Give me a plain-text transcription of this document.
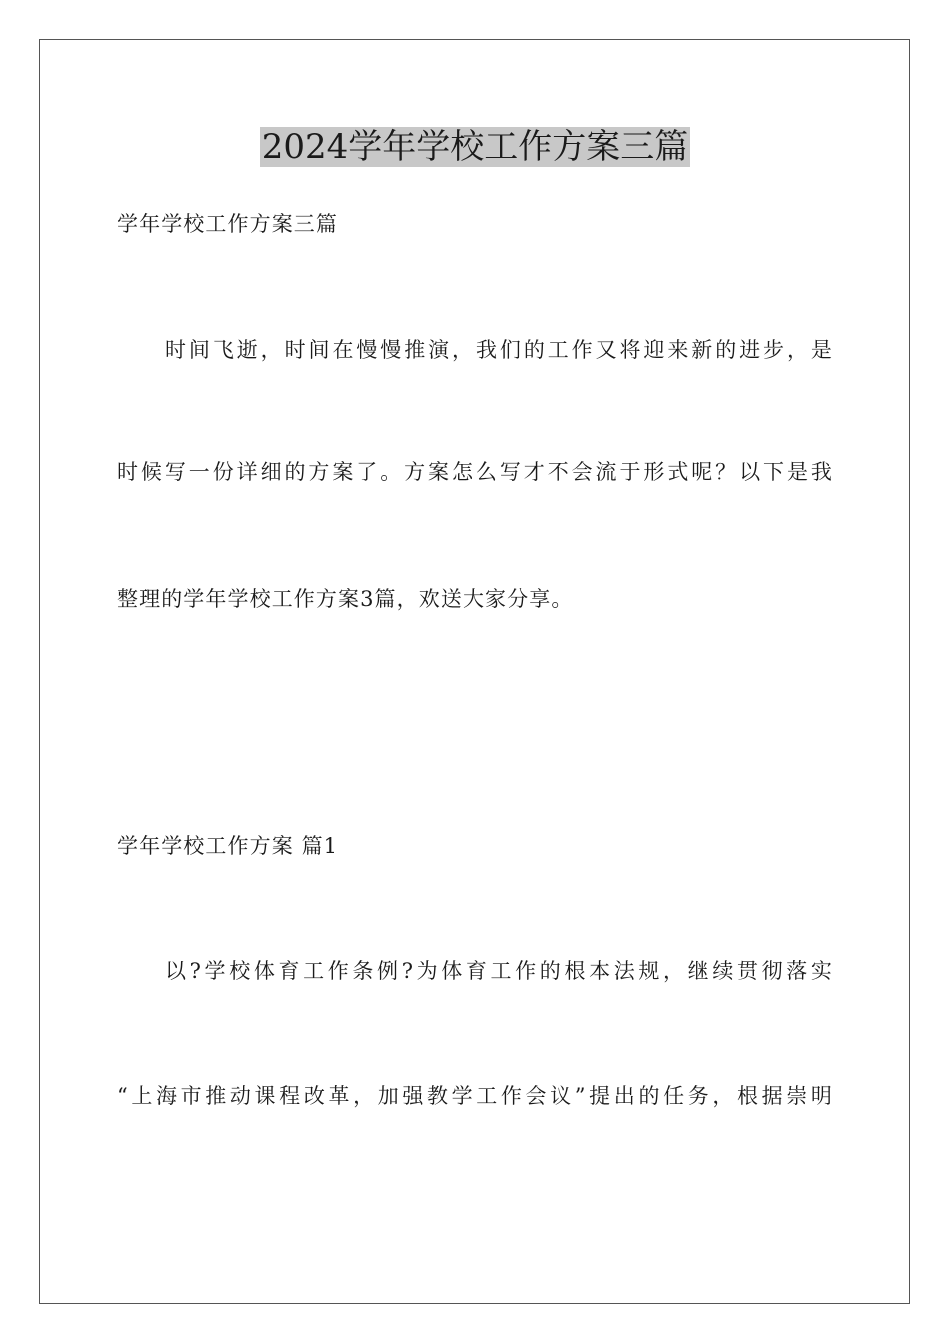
2024学年学校工作方案三篇

学年学校工作方案三篇

时间飞逝，时间在慢慢推演，我们的工作又将迎来新的进步，是

时候写一份详细的方案了。方案怎么写才不会流于形式呢？以下是我

整理的学年学校工作方案3篇，欢送大家分享。

学年学校工作方案 篇1

以?学校体育工作条例?为体育工作的根本法规，继续贯彻落实

“上海市推动课程改革，加强教学工作会议”提出的任务，根据崇明
